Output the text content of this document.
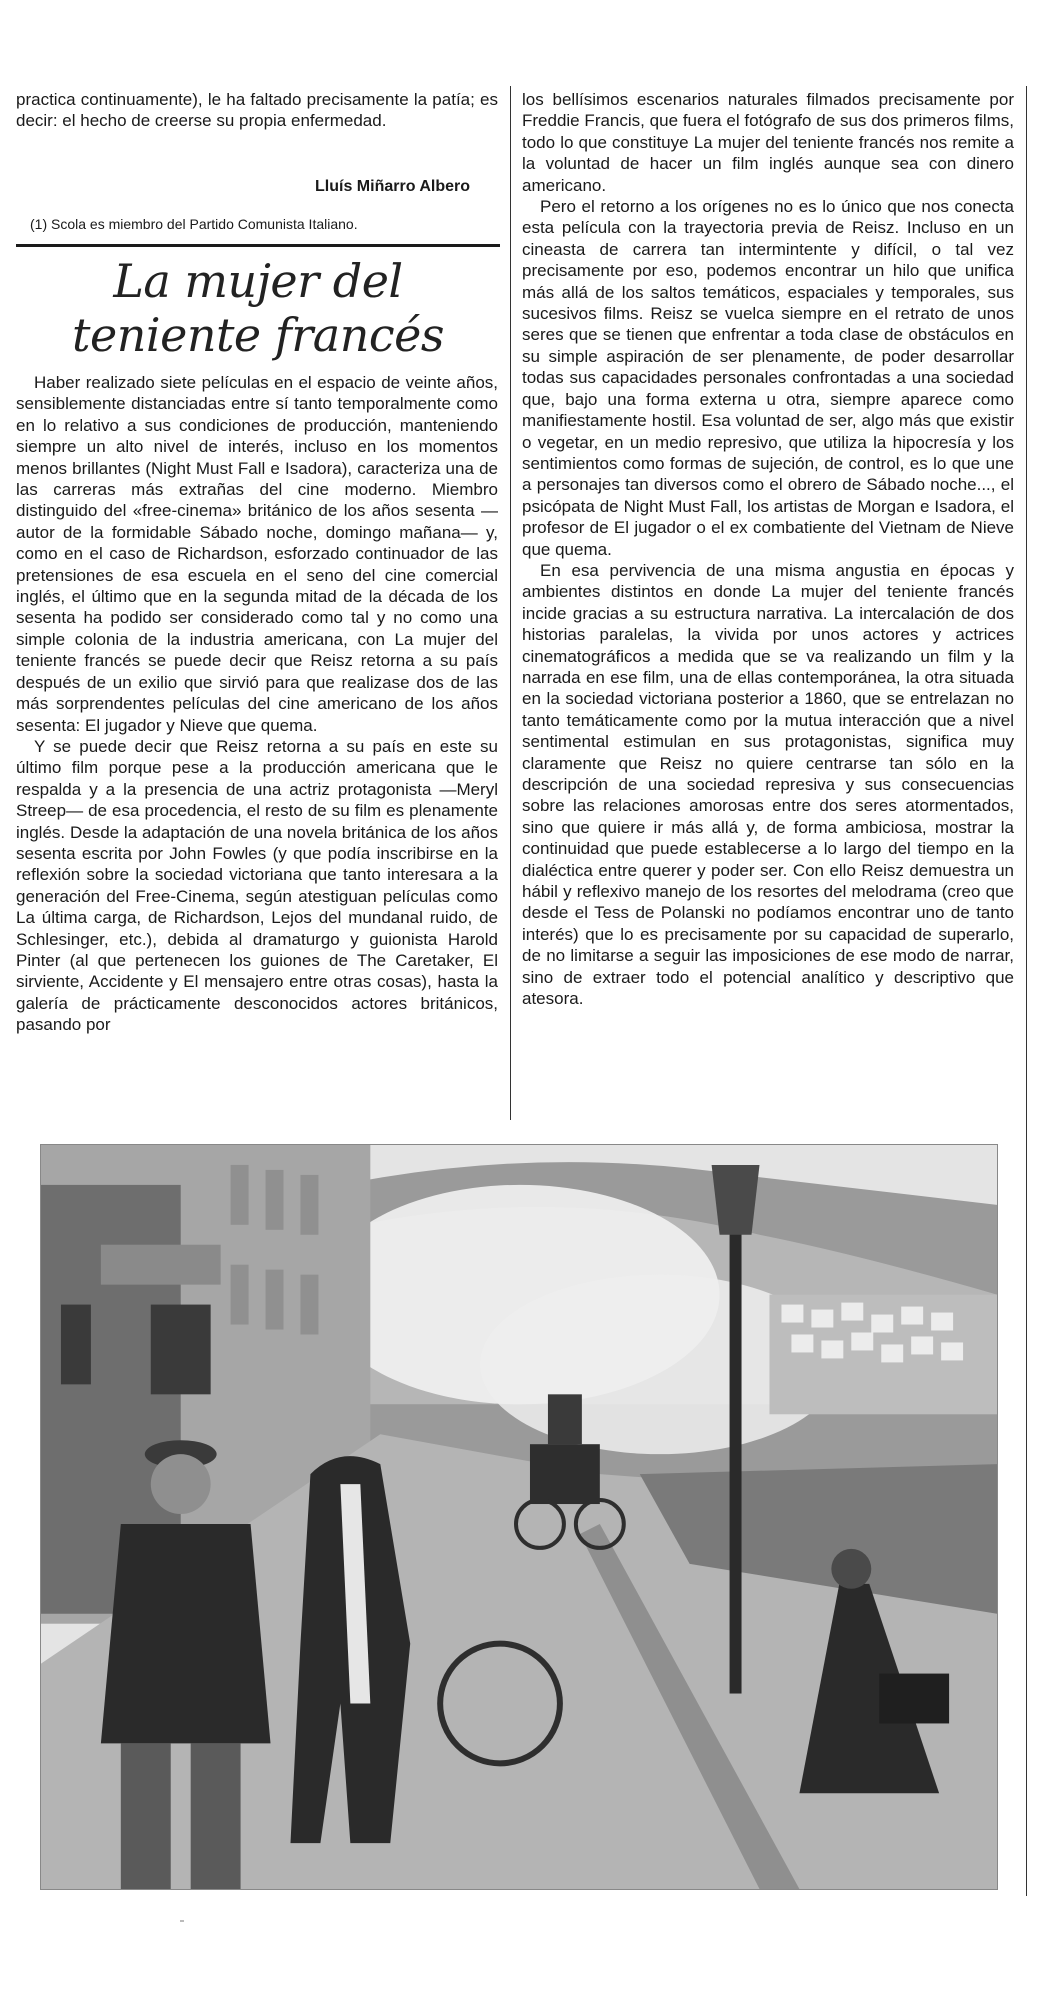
practica continuamente), le ha faltado precisamente la patía; es decir: el hecho de creerse su propia enfermedad.

Lluís Miñarro Albero
(1) Scola es miembro del Partido Comunista Italiano.
La mujer del
teniente francés

Haber realizado siete películas en el espacio de veinte años, sensiblemente distanciadas entre sí tanto temporalmente como en lo relativo a sus condiciones de producción, manteniendo siempre un alto nivel de interés, incluso en los momentos menos brillantes (Night Must Fall e Isadora), caracteriza una de las carreras más extrañas del cine moderno. Miembro distinguido del «free-cinema» británico de los años sesenta —autor de la formidable Sábado noche, domingo mañana— y, como en el caso de Richardson, esforzado continuador de las pretensiones de esa escuela en el seno del cine comercial inglés, el último que en la segunda mitad de la década de los sesenta ha podido ser considerado como tal y no como una simple colonia de la industria americana, con La mujer del teniente francés se puede decir que Reisz retorna a su país después de un exilio que sirvió para que realizase dos de las más sorprendentes películas del cine americano de los años sesenta: El jugador y Nieve que quema.

Y se puede decir que Reisz retorna a su país en este su último film porque pese a la producción americana que le respalda y a la presencia de una actriz protagonista —Meryl Streep— de esa procedencia, el resto de su film es plenamente inglés. Desde la adaptación de una novela británica de los años sesenta escrita por John Fowles (y que podía inscribirse en la reflexión sobre la sociedad victoriana que tanto interesara a la generación del Free-Cinema, según atestiguan películas como La última carga, de Richardson, Lejos del mundanal ruido, de Schlesinger, etc.), debida al dramaturgo y guionista Harold Pinter (al que pertenecen los guiones de The Caretaker, El sirviente, Accidente y El mensajero entre otras cosas), hasta la galería de prácticamente desconocidos actores británicos, pasando por

los bellísimos escenarios naturales filmados precisamente por Freddie Francis, que fuera el fotógrafo de sus dos primeros films, todo lo que constituye La mujer del teniente francés nos remite a la voluntad de hacer un film inglés aunque sea con dinero americano.

Pero el retorno a los orígenes no es lo único que nos conecta esta película con la trayectoria previa de Reisz. Incluso en un cineasta de carrera tan intermintente y difícil, o tal vez precisamente por eso, podemos encontrar un hilo que unifica más allá de los saltos temáticos, espaciales y temporales, sus sucesivos films. Reisz se vuelca siempre en el retrato de unos seres que se tienen que enfrentar a toda clase de obstáculos en su simple aspiración de ser plenamente, de poder desarrollar todas sus capacidades personales confrontadas a una sociedad que, bajo una forma externa u otra, siempre aparece como manifiestamente hostil. Esa voluntad de ser, algo más que existir o vegetar, en un medio represivo, que utiliza la hipocresía y los sentimientos como formas de sujeción, de control, es lo que une a personajes tan diversos como el obrero de Sábado noche..., el psicópata de Night Must Fall, los artistas de Morgan e Isadora, el profesor de El jugador o el ex combatiente del Vietnam de Nieve que quema.

En esa pervivencia de una misma angustia en épocas y ambientes distintos en donde La mujer del teniente francés incide gracias a su estructura narrativa. La intercalación de dos historias paralelas, la vivida por unos actores y actrices cinematográficos a medida que se va realizando un film y la narrada en ese film, una de ellas contemporánea, la otra situada en la sociedad victoriana posterior a 1860, que se entrelazan no tanto temáticamente como por la mutua interacción que a nivel sentimental estimulan en sus protagonistas, significa muy claramente que Reisz no quiere centrarse tan sólo en la descripción de una sociedad represiva y sus consecuencias sobre las relaciones amorosas entre dos seres atormentados, sino que quiere ir más allá y, de forma ambiciosa, mostrar la continuidad que puede establecerse a lo largo del tiempo en la dialéctica entre querer y poder ser. Con ello Reisz demuestra un hábil y reflexivo manejo de los resortes del melodrama (creo que desde el Tess de Polanski no podíamos encontrar uno de tanto interés) que lo es precisamente por su capacidad de superarlo, de no limitarse a seguir las imposiciones de ese modo de narrar, sino de extraer todo el potencial analítico y descriptivo que atesora.
